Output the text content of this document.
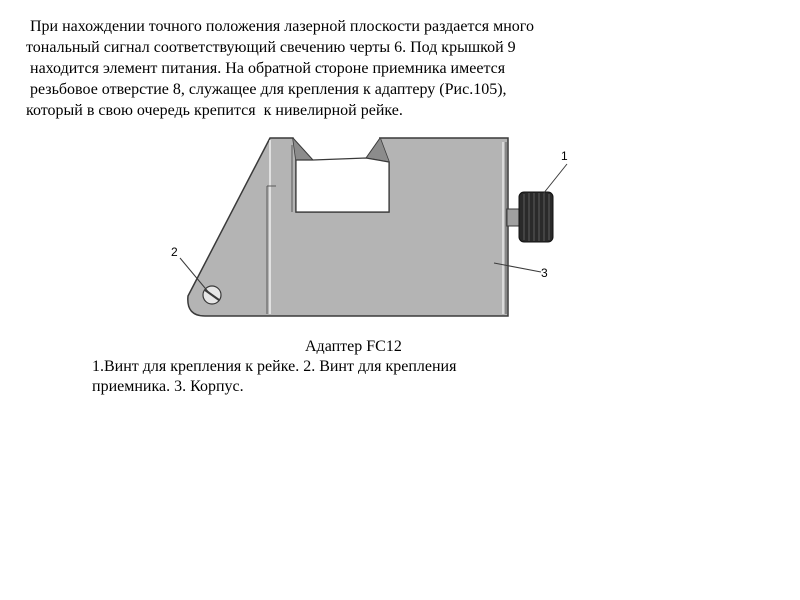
При нахождении точного положения лазерной плоскости раздается много
тональный сигнал соответствующий свечению черты 6. Под крышкой 9
находится элемент питания. На обратной стороне приемника имеется
резьбовое отверстие 8, служащее для крепления к адаптеру (Рис.105),
который в свою очередь крепится  к нивелирной рейке.

1
2
3
Адаптер FC12
1.Винт для крепления к рейке. 2. Винт для крепления
приемника. 3. Корпус.
